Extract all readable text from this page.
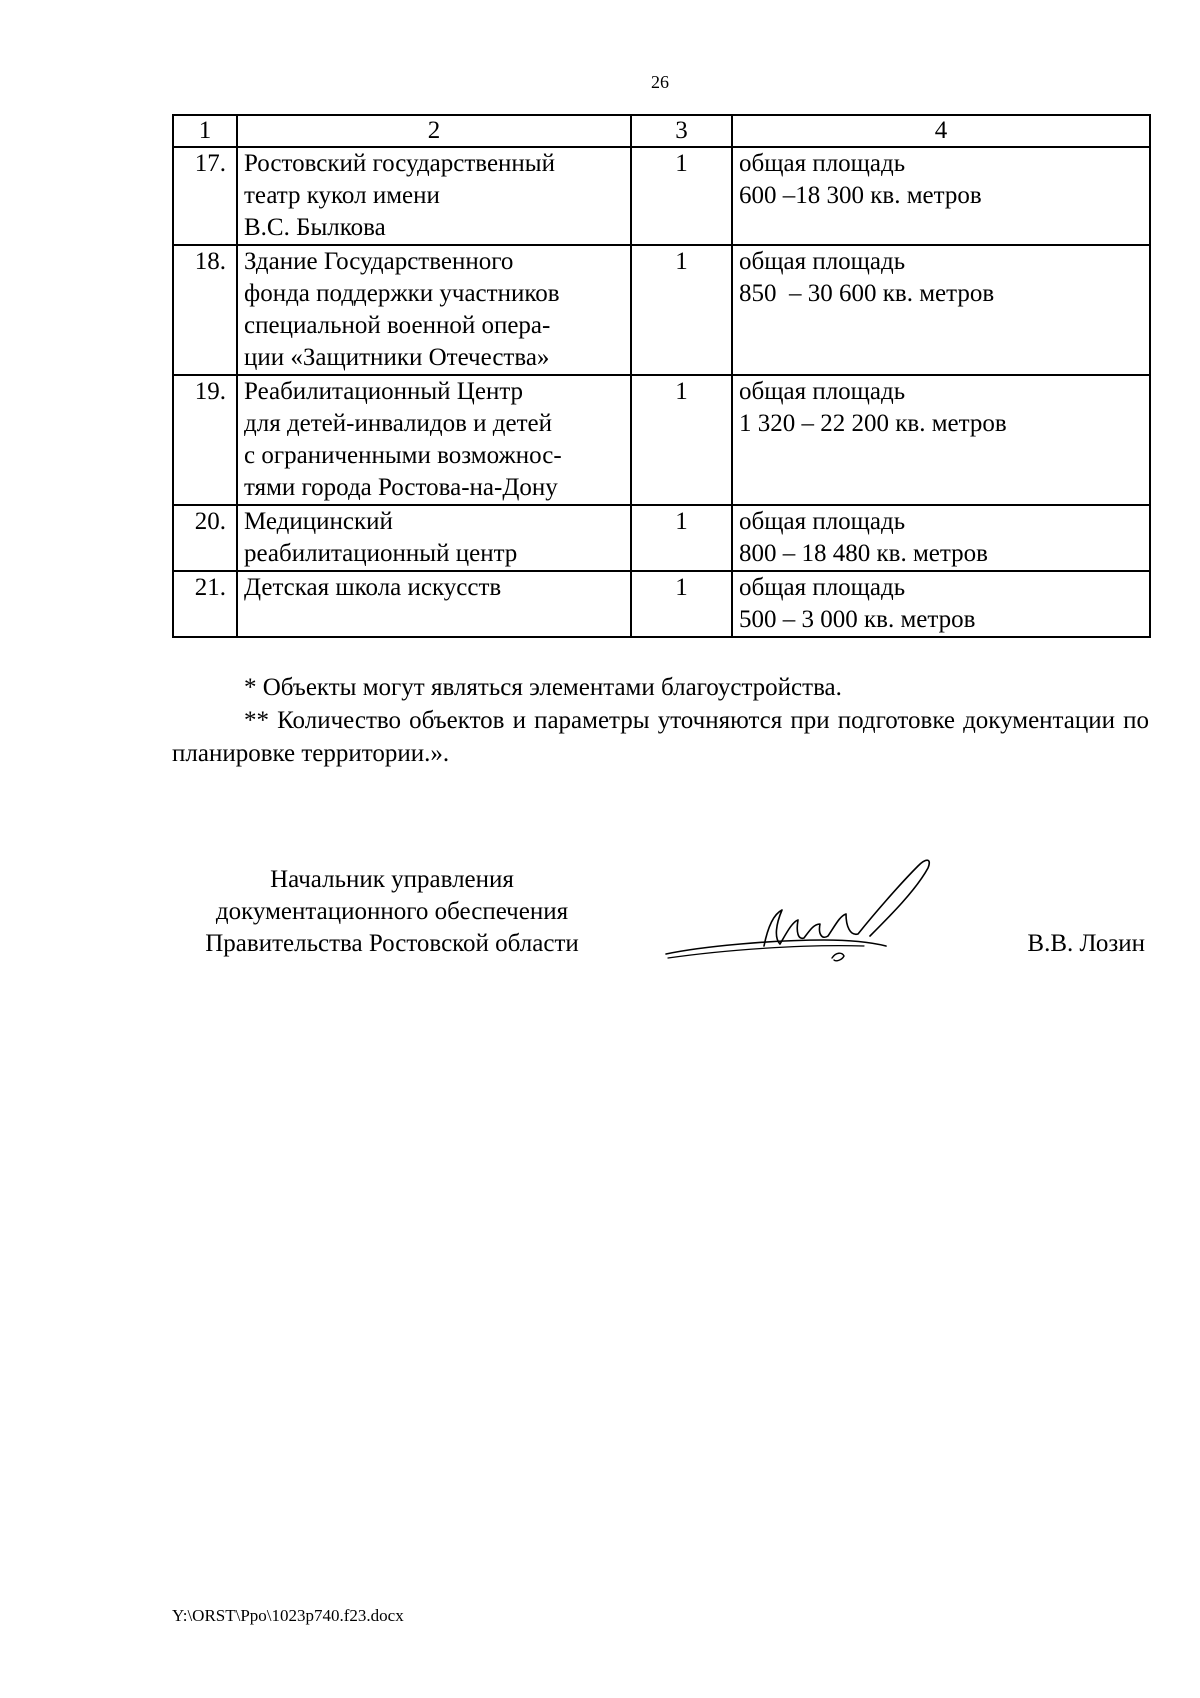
26
1	2	3	4
17.	Ростовский государственный
театр кукол имени
В.С. Былкова	1	общая площадь
600 –18 300 кв. метров

18.	Здание Государственного
фонда поддержки участников
специальной военной опера-
ции «Защитники Отечества»	1	общая площадь
850  – 30 600 кв. метров

19.	Реабилитационный Центр
для детей-инвалидов и детей
с ограниченными возможнос-
тями города Ростова-на-Дону	1	общая площадь
1 320 – 22 200 кв. метров

20.	Медицинский
реабилитационный центр	1	общая площадь
800 – 18 480 кв. метров

21.	Детская школа искусств	1	общая площадь
500 – 3 000 кв. метров

* Объекты могут являться элементами благоустройства.

** Количество объектов и параметры уточняются при подготовке документации по планировке территории.».

Начальник управления
документационного обеспечения
Правительства Ростовской области	В.В. Лозин
Y:\ORST\Ppo\1023p740.f23.docx
